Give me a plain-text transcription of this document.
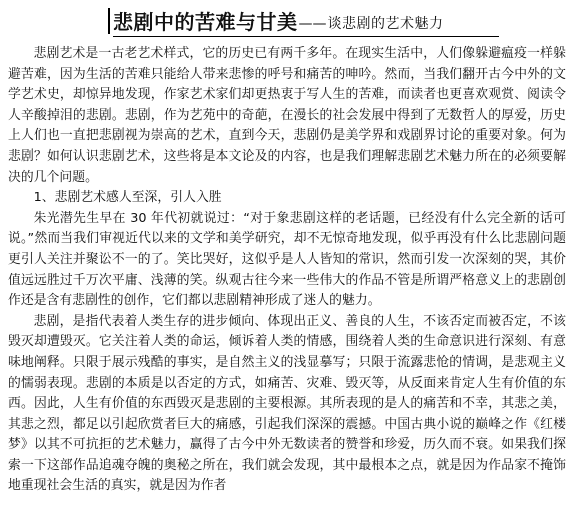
悲剧中的苦难与甘美 —— 谈悲剧的艺术魅力

悲剧艺术是一古老艺术样式，它的历史已有两千多年。在现实生活中，人们像躲避瘟疫一样躲避苦难，因为生活的苦难只能给人带来悲惨的呼号和痛苦的呻吟。然而，当我们翻开古今中外的文学艺术史，却惊异地发现，作家艺术家们却更热衷于写人生的苦难，而读者也更喜欢观赏、阅读令人辛酸掉泪的悲剧。悲剧，作为艺苑中的奇葩，在漫长的社会发展中得到了无数哲人的厚爱，历史上人们也一直把悲剧视为崇高的艺术，直到今天，悲剧仍是美学界和戏剧界讨论的重要对象。何为悲剧？如何认识悲剧艺术，这些将是本文论及的内容，也是我们理解悲剧艺术魅力所在的必须要解决的几个问题。

1、悲剧艺术感人至深，引人入胜

朱光潜先生早在 30 年代初就说过：“对于象悲剧这样的老话题，已经没有什么完全新的话可说。”然而当我们审视近代以来的文学和美学研究，却不无惊奇地发现，似乎再没有什么比悲剧问题更引人关注并聚讼不一的了。笑比哭好，这似乎是人人皆知的常识，然而引发一次深刻的哭，其价值远远胜过千万次平庸、浅薄的笑。纵观古往今来一些伟大的作品不管是所谓严格意义上的悲剧创作还是含有悲剧性的创作，它们都以悲剧精神形成了迷人的魅力。

悲剧，是指代表着人类生存的进步倾向、体现出正义、善良的人生，不该否定而被否定，不该毁灭却遭毁灭。它关注着人类的命运，倾诉着人类的情感，围绕着人类的生命意识进行深刻、有意味地阐释。只限于展示残酷的事实，是自然主义的浅显摹写；只限于流露悲怆的情调，是悲观主义的懦弱表现。悲剧的本质是以否定的方式，如痛苦、灾难、毁灭等，从反面来肯定人生有价值的东西。因此，人生有价值的东西毁灭是悲剧的主要根源。其所表现的是人的痛苦和不幸，其悲之美，其悲之烈，都足以引起欣赏者巨大的痛感，引起我们深深的震撼。中国古典小说的巅峰之作《红楼梦》以其不可抗拒的艺术魅力，赢得了古今中外无数读者的赞誉和珍爱，历久而不衰。如果我们探索一下这部作品追魂夺魄的奥秘之所在，我们就会发现，其中最根本之点，就是因为作品家不掩饰地重现社会生活的真实，就是因为作者
